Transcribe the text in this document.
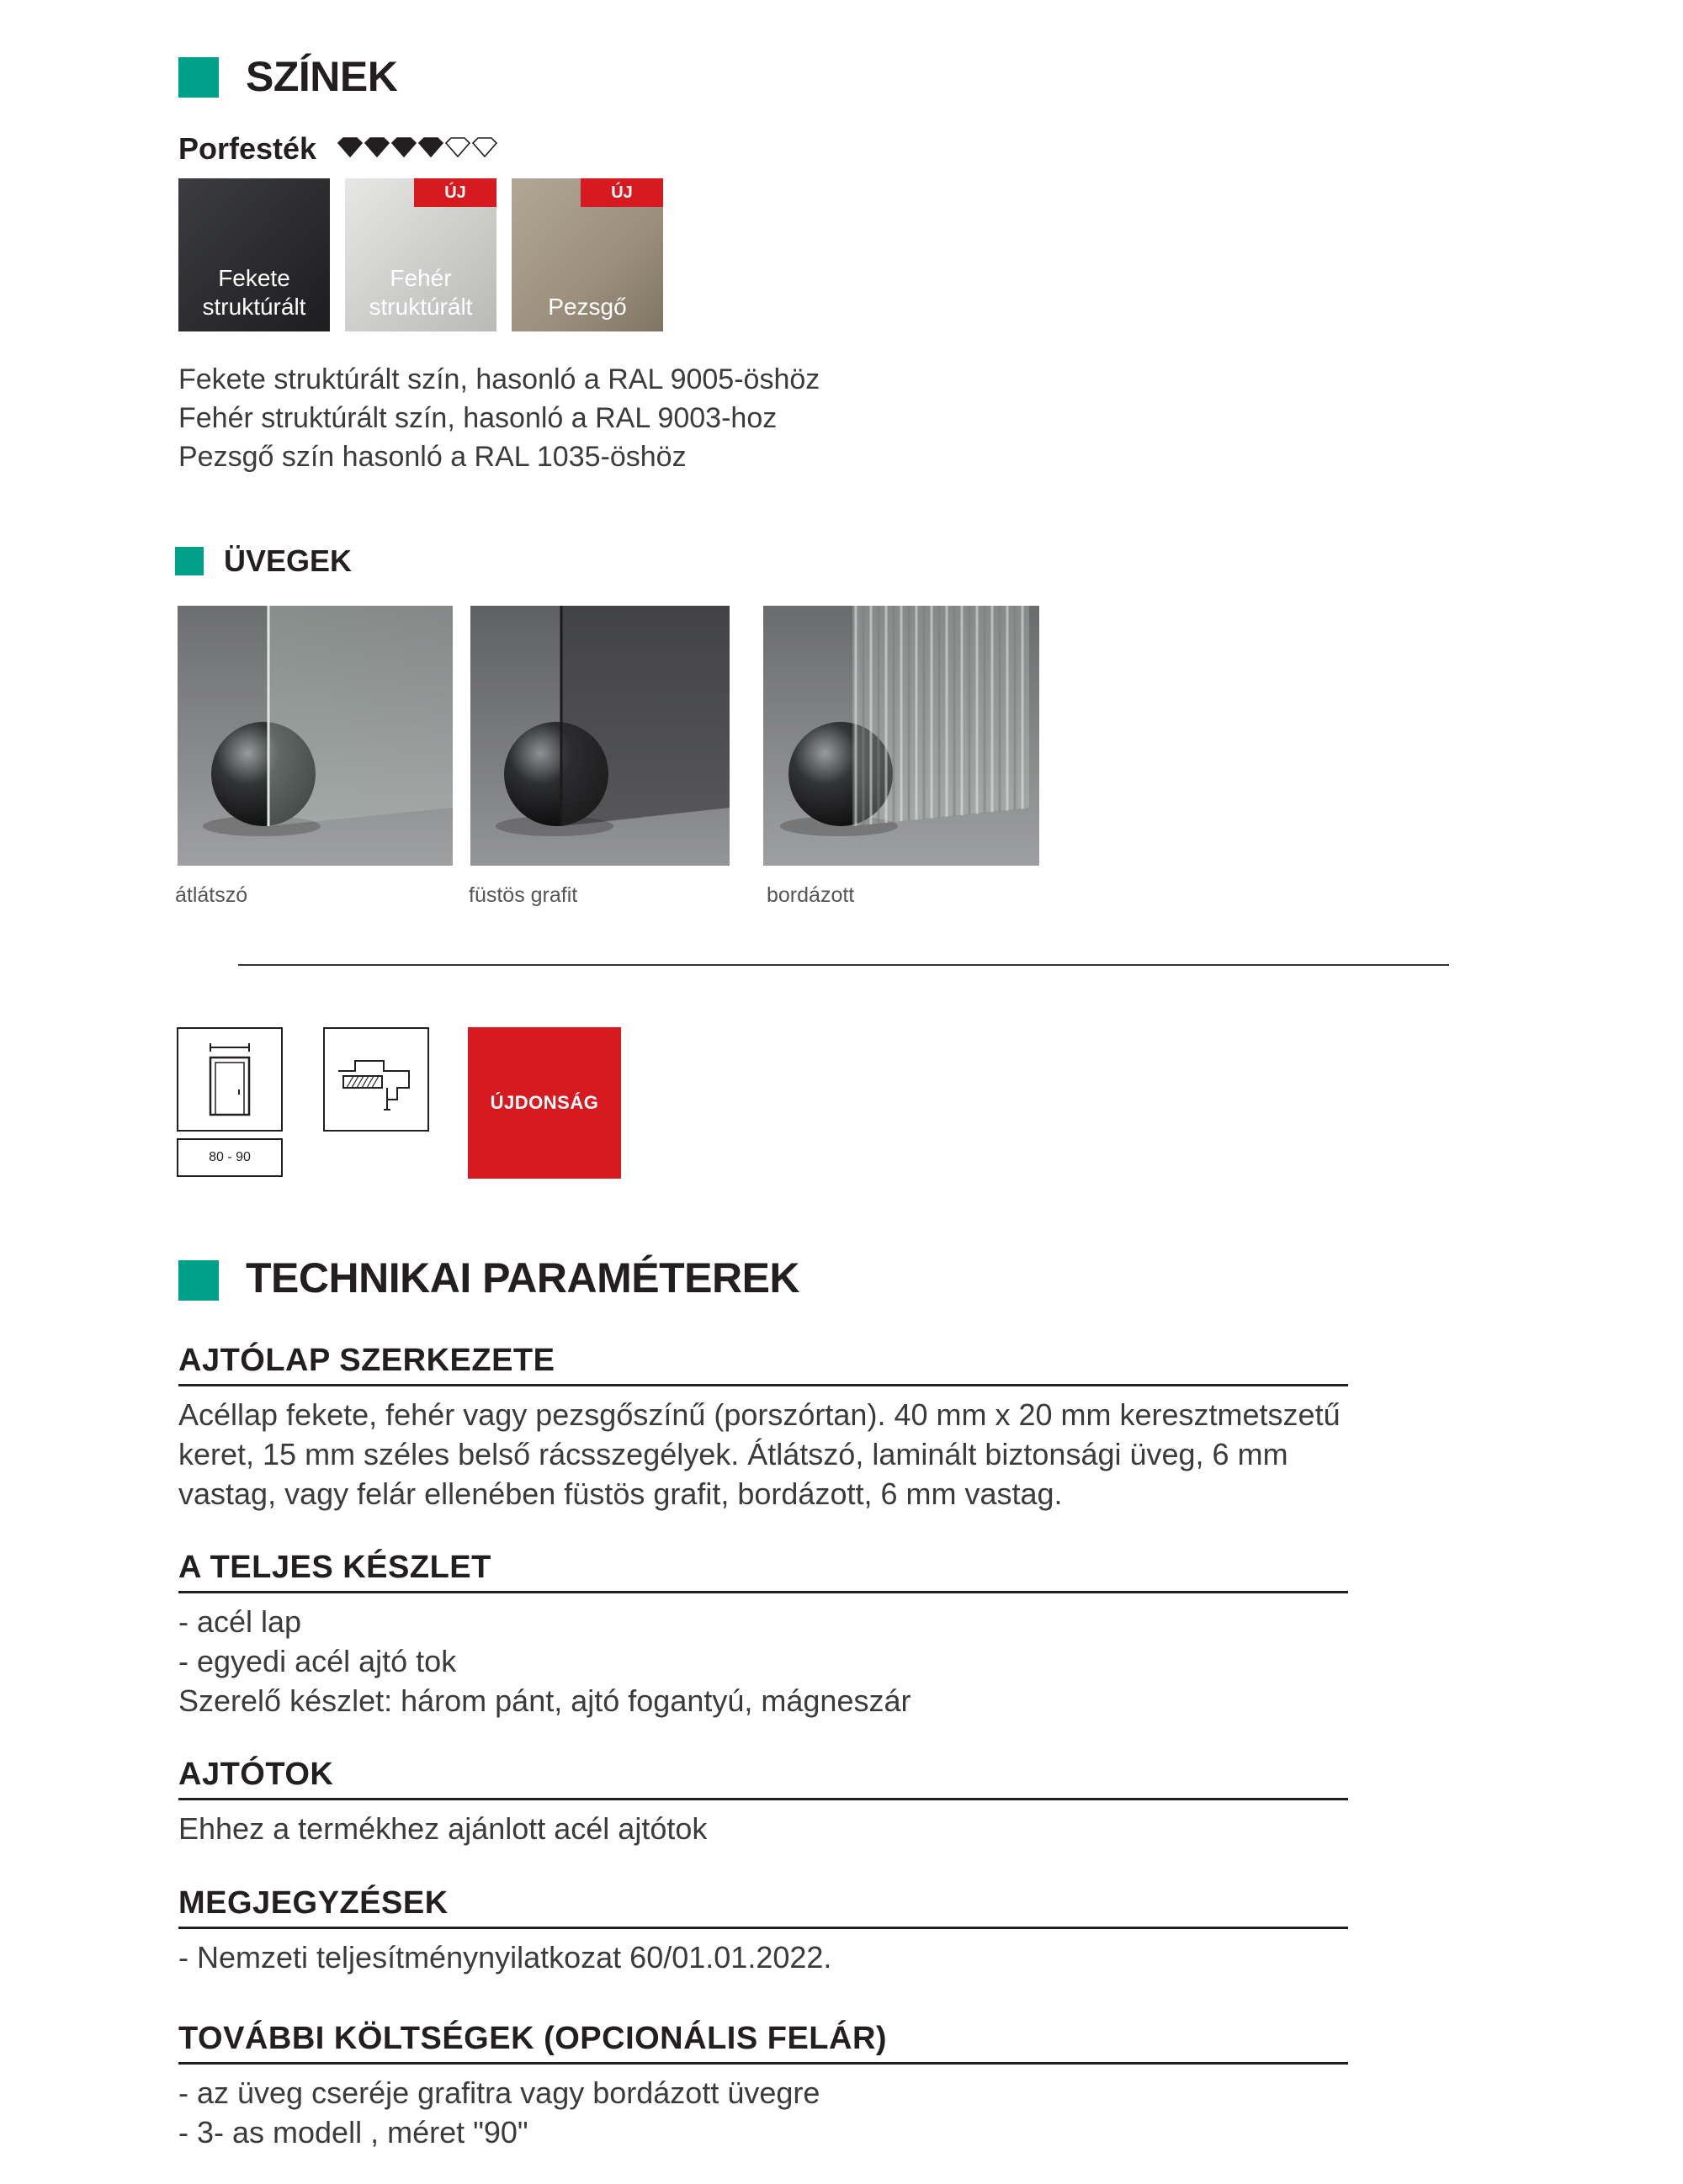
SZÍNEK
Porfesték
Fekete
struktúrált
ÚJ
Fehér
struktúrált
ÚJ
Pezsgő
Fekete struktúrált szín, hasonló a RAL 9005-öshöz
Fehér struktúrált szín, hasonló a RAL 9003-hoz
Pezsgő szín hasonló a RAL 1035-öshöz
ÜVEGEK
átlátszó	füstös grafit	bordázott
80 - 90
ÚJDONSÁG
TECHNIKAI PARAMÉTEREK
AJTÓLAP SZERKEZETE
Acéllap fekete, fehér vagy pezsgőszínű (porszórtan). 40 mm x 20 mm keresztmetszetű
keret, 15 mm széles belső rácsszegélyek. Átlátszó, laminált biztonsági üveg, 6 mm
vastag, vagy felár ellenében füstös grafit, bordázott, 6 mm vastag.
A TELJES KÉSZLET
- acél lap
- egyedi acél ajtó tok
Szerelő készlet: három pánt, ajtó fogantyú, mágneszár
AJTÓTOK
Ehhez a termékhez ajánlott acél ajtótok
MEGJEGYZÉSEK
- Nemzeti teljesítménynyilatkozat 60/01.01.2022.
TOVÁBBI KÖLTSÉGEK (OPCIONÁLIS FELÁR)
- az üveg cseréje grafitra vagy bordázott üvegre
- 3- as modell , méret "90"
